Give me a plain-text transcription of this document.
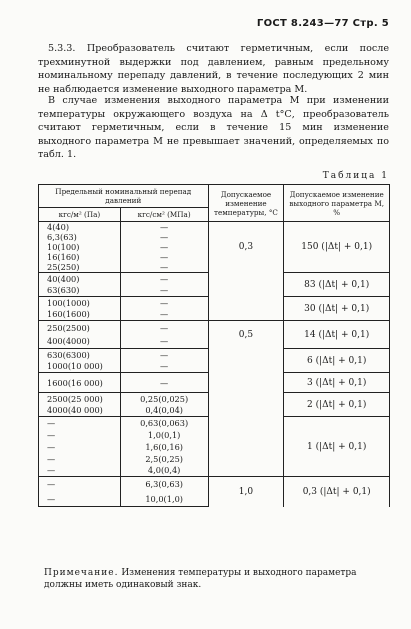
ГОСТ 8.243—77 Стр. 5
5.3.3. Преобразователь считают герметичным, если после трехминутной выдержки под давлением, равным предельному номинальному перепаду давлений, в течение последующих 2 мин не наблюдается изменение выходного параметра М.
В случае изменения выходного параметра М при изменении температуры окружающего воздуха на Δ t°С, преобразователь считают герметичным, если в течение 15 мин изменение выходного параметра М не превышает значений, определяемых по табл. 1.
Таблица 1
Предельный номинальный перепад давлений		Допускаемое изменение температуры, °С	Допускаемое изменение выходного параметра М, %
кгс/м² (Па)	кгс/см² (МПа)		
4(40)	—	0,3	150 (|Δt| + 0,1)
6,3(63)	—		
10(100)	—		
16(160)	—		
25(250)	—		
40(400)	—		83 (|Δt| + 0,1)
63(630)	—		
100(1000)	—		30 (|Δt| + 0,1)
160(1600)	—		
250(2500)	—	0,5	14 (|Δt| + 0,1)
400(4000)	—		
630(6300)	—		6 (|Δt| + 0,1)
1000(10 000)	—		
1600(16 000)	—		3 (|Δt| + 0,1)
2500(25 000)	0,25(0,025)		2 (|Δt| + 0,1)
4000(40 000)	0,4(0,04)		
—	0,63(0,063)		1 (|Δt| + 0,1)
—	1,0(0,1)		
—	1,6(0,16)		
—	2,5(0,25)		
—	4,0(0,4)		
—	6,3(0,63)	1,0	0,3 (|Δt| + 0,1)
—	10,0(1,0)		
Примечание. Изменения температуры и выходного параметра должны иметь одинаковый знак.
